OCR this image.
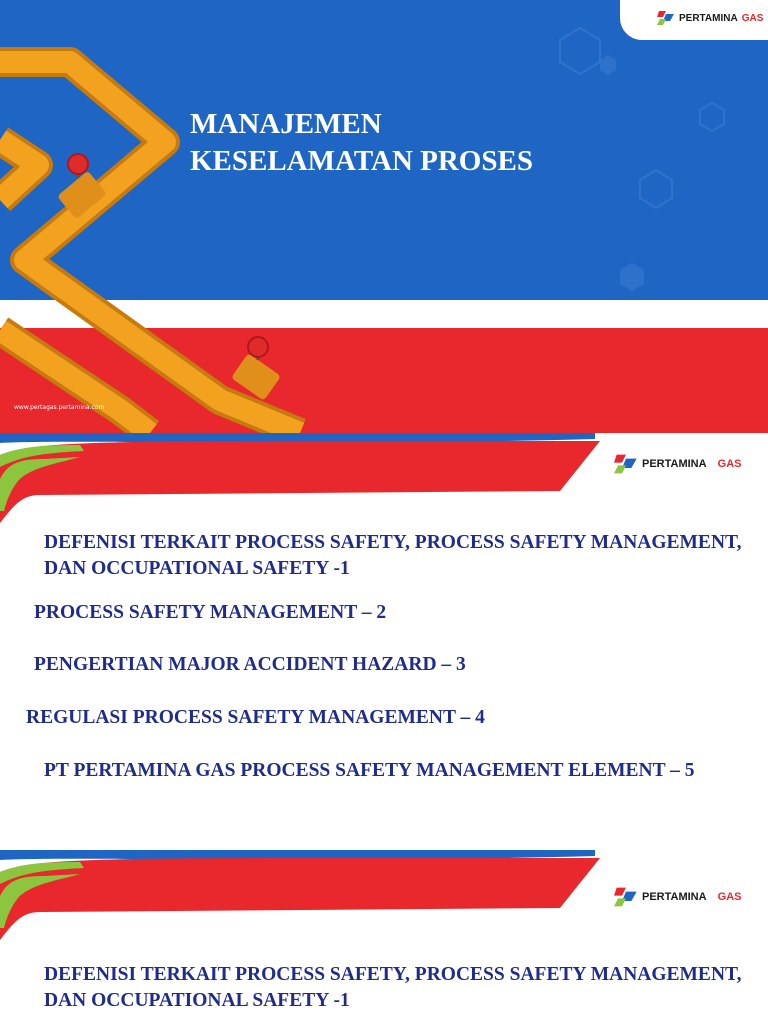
MANAJEMEN
KESELAMATAN PROSES
www.pertagas.pertamina.com
PERTAMINA GAS
PERTAMINA
GAS

DEFENISI TERKAIT PROCESS SAFETY, PROCESS SAFETY MANAGEMENT, DAN OCCUPATIONAL SAFETY -1

PROCESS SAFETY MANAGEMENT – 2

PENGERTIAN MAJOR ACCIDENT HAZARD – 3

REGULASI PROCESS SAFETY MANAGEMENT – 4

PT PERTAMINA GAS PROCESS SAFETY MANAGEMENT ELEMENT – 5

PERTAMINA
GAS

DEFENISI TERKAIT PROCESS SAFETY, PROCESS SAFETY MANAGEMENT, DAN OCCUPATIONAL SAFETY -1
